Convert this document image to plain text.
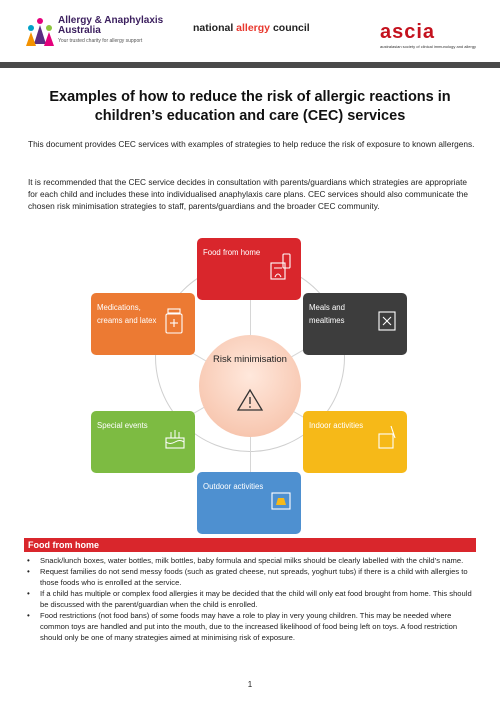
Allergy & Anaphylaxis
Australia
Your trusted charity for allergy support
national allergy council	ascia
australasian society of clinical immunology and allergy
Examples of how to reduce the risk of allergic reactions in children’s education and care (CEC) services

This document provides CEC services with examples of strategies to help reduce the risk of exposure to known allergens.

It is recommended that the CEC service decides in consultation with parents/guardians which strategies are appropriate for each child and includes these into individualised anaphylaxis care plans. CEC services should also communicate the chosen risk minimisation strategies to staff, parents/guardians and the broader CEC community.

Risk minimisation
Food from home
Meals and mealtimes
Indoor activities
Outdoor activities
Special events
Medications, creams and latex
Food from home
• Snack/lunch boxes, water bottles, milk bottles, baby formula and special milks should be clearly labelled with the child’s name.
• Request families do not send messy foods (such as grated cheese, nut spreads, yoghurt tubs) if there is a child with allergies to those foods who is enrolled at the service.
• If a child has multiple or complex food allergies it may be decided that the child will only eat food brought from home. This should be discussed with the parent/guardian when the child is enrolled.
• Food restrictions (not food bans) of some foods may have a role to play in very young children. This may be needed where common toys are handled and put into the mouth, due to the increased likelihood of food being left on toys. A food restriction should only be one of many strategies aimed at minimising risk of exposure.
1
